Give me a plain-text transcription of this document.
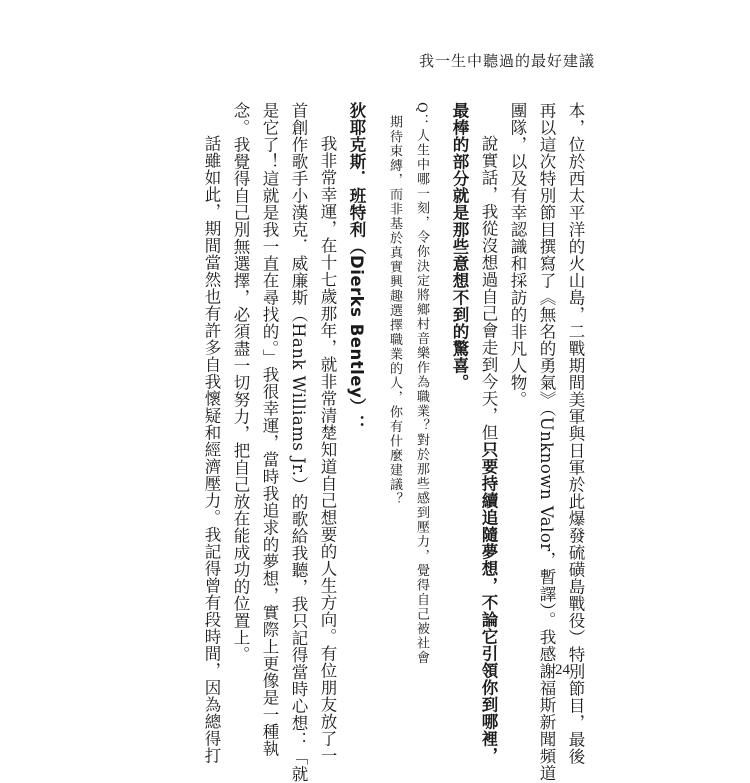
我一生中聽過的最好建議

本，位於西太平洋的火山島，二戰期間美軍與日軍於此爆發硫磺島戰役）特別節目，最後

再以這次特別節目撰寫了《無名的勇氣》（Unknown Valor，暫譯）。我感謝福斯新聞頻道

團隊，以及有幸認識和採訪的非凡人物。

說實話，我從沒想過自己會走到今天，但只要持續追隨夢想，不論它引領你到哪裡，

最棒的部分就是那些意想不到的驚喜。

Q：人生中哪一刻，令你決定將鄉村音樂作為職業？對於那些感到壓力，覺得自己被社會

期待束縛，而非基於真實興趣選擇職業的人，你有什麼建議？

狄耶克斯．班特利（Dierks Bentley）：

我非常幸運，在十七歲那年，就非常清楚知道自己想要的人生方向。有位朋友放了一

首創作歌手小漢克．威廉斯（Hank Williams Jr.）的歌給我聽，我只記得當時心想：「就

是它了！這就是我一直在尋找的。」我很幸運，當時我追求的夢想，實際上更像是一種執

念。我覺得自己別無選擇，必須盡一切努力，把自己放在能成功的位置上。

話雖如此，期間當然也有許多自我懷疑和經濟壓力。我記得曾有段時間，因為總得打	24
